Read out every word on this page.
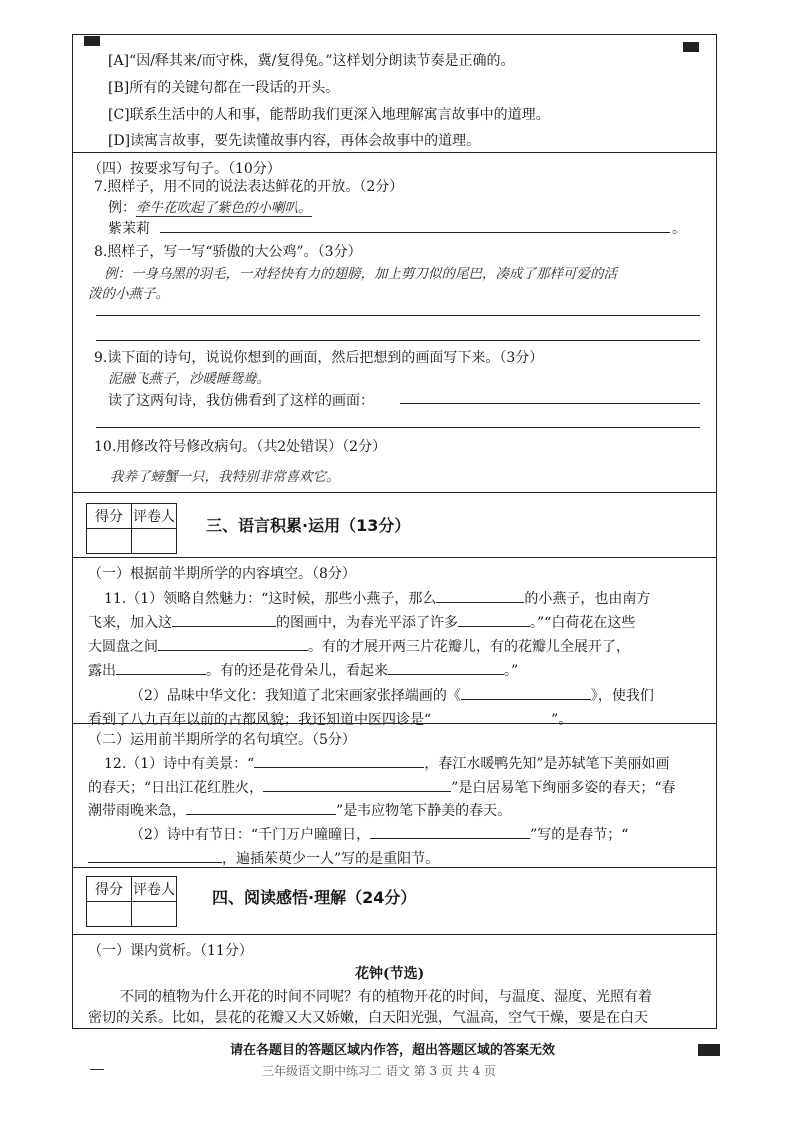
[A]“因/释其来/而守株，冀/复得兔。”这样划分朗读节奏是正确的。
[B]所有的关键句都在一段话的开头。
[C]联系生活中的人和事，能帮助我们更深入地理解寓言故事中的道理。
[D]读寓言故事，要先读懂故事内容，再体会故事中的道理。
（四）按要求写句子。（10分）
7.照样子，用不同的说法表达鲜花的开放。（2分）
例：牵牛花吹起了紫色的小喇叭。
紫茉莉	。
8.照样子，写一写“骄傲的大公鸡”。（3分）
例：一身乌黑的羽毛，一对轻快有力的翅膀，加上剪刀似的尾巴，凑成了那样可爱的活
泼的小燕子。
9.读下面的诗句，说说你想到的画面，然后把想到的画面写下来。（3分）
泥融飞燕子，沙暖睡鸳鸯。
读了这两句诗，我仿佛看到了这样的画面：
10.用修改符号修改病句。（共2处错误）（2分）
我养了螃蟹一只，我特别非常喜欢它。
得分	评卷人
	三、语言积累·运用（13分）
（一）根据前半期所学的内容填空。（8分）
11.（1）领略自然魅力：“这时候，那些小燕子，那么	的小燕子，也由南方
飞来，加入这	的图画中，为春光平添了许多	。”“白荷花在这些
大圆盘之间	。有的才展开两三片花瓣儿，有的花瓣儿全展开了，
露出	。有的还是花骨朵儿，看起来	。”
（2）品味中华文化：我知道了北宋画家张择端画的《	》，使我们
看到了八九百年以前的古都风貌；我还知道中医四诊是“	”。
（二）运用前半期所学的名句填空。（5分）
12.（1）诗中有美景：“	，春江水暖鸭先知”是苏轼笔下美丽如画
的春天；“日出江花红胜火，	”是白居易笔下绚丽多姿的春天；“春
潮带雨晚来急，	”是韦应物笔下静美的春天。
（2）诗中有节日：“千门万户曈曈日，	”写的是春节；“
，遍插茱萸少一人”写的是重阳节。
得分	评卷人
	四、阅读感悟·理解（24分）
（一）课内赏析。（11分）
花钟(节选)
不同的植物为什么开花的时间不同呢？有的植物开花的时间，与温度、湿度、光照有着
密切的关系。比如，昙花的花瓣又大又娇嫩，白天阳光强，气温高，空气干燥，要是在白天
请在各题目的答题区域内作答，超出答题区域的答案无效
三年级语文期中练习二 语文 第 3 页 共 4 页
